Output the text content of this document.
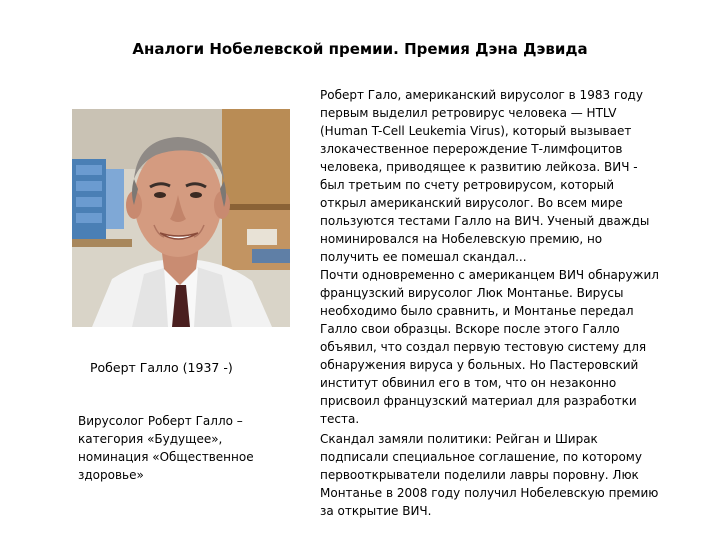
Аналоги Нобелевской премии. Премия Дэна Дэвида
Роберт Галло (1937 -)
Вирусолог Роберт Галло –
категория «Будущее»,
номинация «Общественное
здоровье»

Роберт Гало, американский вирусолог в 1983 году
первым выделил ретровирус человека — HTLV
(Human T-Cell Leukemia Virus), который вызывает
злокачественное перерождение Т-лимфоцитов
человека, приводящее к развитию лейкоза. ВИЧ -
был третьим по счету ретровирусом, который
открыл американский вирусолог. Во всем мире
пользуются тестами Галло на ВИЧ. Ученый дважды
номинировался на Нобелевскую премию, но
получить ее помешал скандал...

Почти одновременно с американцем ВИЧ обнаружил
французский вирусолог Люк Монтанье. Вирусы
необходимо было сравнить, и Монтанье передал
Галло свои образцы. Вскоре после этого Галло
объявил, что создал первую тестовую систему для
обнаружения вируса у больных. Но Пастеровский
институт обвинил его в том, что он незаконно
присвоил французский материал для разработки
теста.

Скандал замяли политики: Рейган и Ширак
подписали специальное соглашение, по которому
первооткрыватели поделили лавры поровну. Люк
Монтанье в 2008 году получил Нобелевскую премию
за открытие ВИЧ.
